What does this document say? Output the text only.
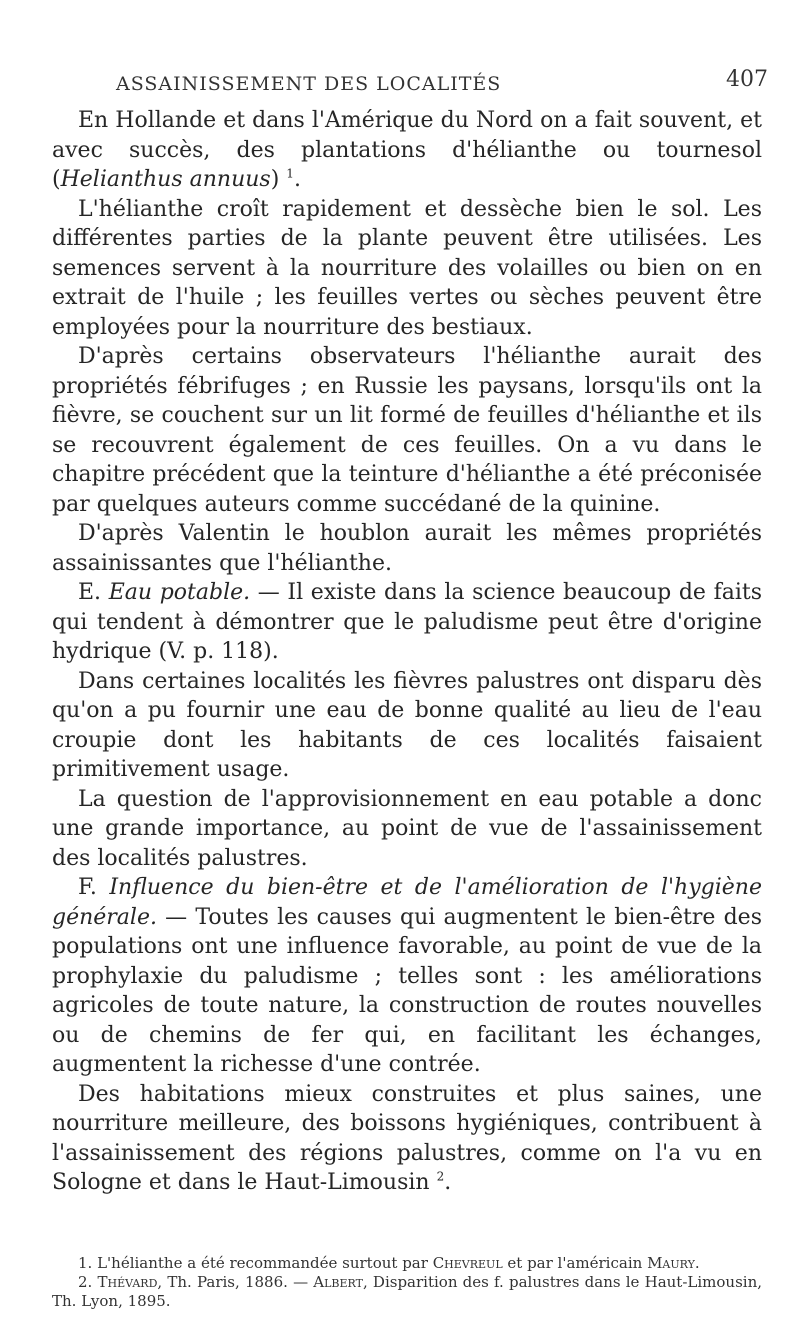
ASSAINISSEMENT DES LOCALITÉS	407

En Hollande et dans l'Amérique du Nord on a fait souvent, et avec succès, des plantations d'hélianthe ou tournesol (Helianthus annuus) $^1$.

L'hélianthe croît rapidement et dessèche bien le sol. Les différentes parties de la plante peuvent être utilisées. Les semences servent à la nourriture des volailles ou bien on en extrait de l'huile ; les feuilles vertes ou sèches peuvent être employées pour la nourriture des bestiaux.

D'après certains observateurs l'hélianthe aurait des propriétés fébrifuges ; en Russie les paysans, lorsqu'ils ont la fièvre, se couchent sur un lit formé de feuilles d'hélianthe et ils se recouvrent également de ces feuilles. On a vu dans le chapitre précédent que la teinture d'hélianthe a été préconisée par quelques auteurs comme succédané de la quinine.

D'après Valentin le houblon aurait les mêmes propriétés assainissantes que l'hélianthe.

E. Eau potable. — Il existe dans la science beaucoup de faits qui tendent à démontrer que le paludisme peut être d'origine hydrique (V. p. 118).

Dans certaines localités les fièvres palustres ont disparu dès qu'on a pu fournir une eau de bonne qualité au lieu de l'eau croupie dont les habitants de ces localités faisaient primitivement usage.

La question de l'approvisionnement en eau potable a donc une grande importance, au point de vue de l'assainissement des localités palustres.

F. Influence du bien-être et de l'amélioration de l'hygiène générale. — Toutes les causes qui augmentent le bien-être des populations ont une influence favorable, au point de vue de la prophylaxie du paludisme ; telles sont : les améliorations agricoles de toute nature, la construction de routes nouvelles ou de chemins de fer qui, en facilitant les échanges, augmentent la richesse d'une contrée.

Des habitations mieux construites et plus saines, une nourriture meilleure, des boissons hygiéniques, contribuent à l'assainissement des régions palustres, comme on l'a vu en Sologne et dans le Haut-Limousin $^2$.

1. L'hélianthe a été recommandée surtout par Chevreul et par l'américain Maury.

2. Thévard, Th. Paris, 1886. — Albert, Disparition des f. palustres dans le Haut-Limousin, Th. Lyon, 1895.
